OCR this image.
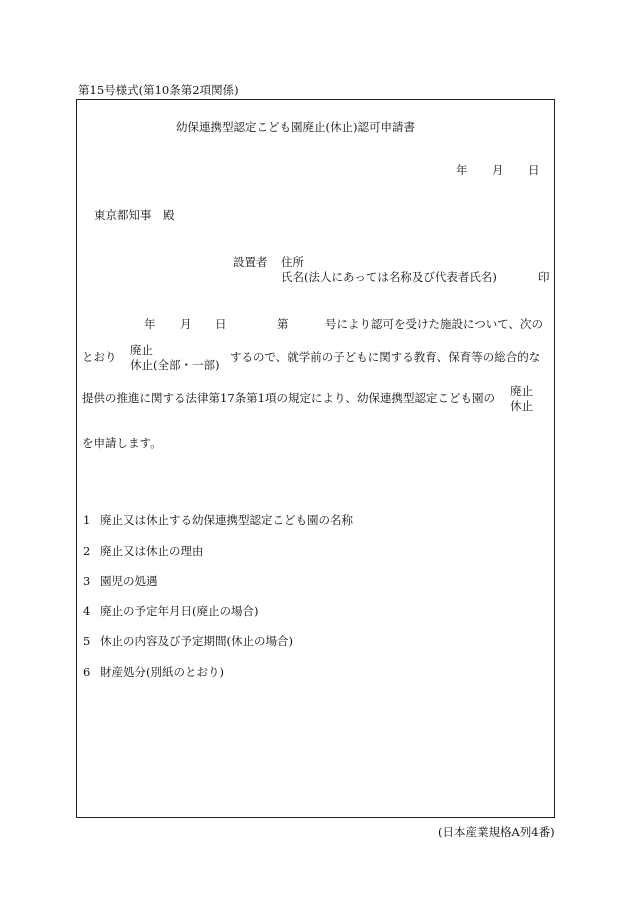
第15号様式(第10条第2項関係)
幼保連携型認定こども園廃止(休止)認可申請書
年 月 日
東京都知事　殿
設置者 住所
氏名(法人にあっては名称及び代表者氏名)	印
年 月 日	第	号により認可を受けた施設について、次の
とおり 廃止
休止(全部・一部)
するので、就学前の子どもに関する教育、保育等の総合的な
提供の推進に関する法律第17条第1項の規定により、幼保連携型認定こども園の 廃止
休止
を申請します。
1 廃止又は休止する幼保連携型認定こども園の名称
2 廃止又は休止の理由
3 園児の処遇
4 廃止の予定年月日(廃止の場合)
5 休止の内容及び予定期間(休止の場合)
6 財産処分(別紙のとおり)
(日本産業規格A列4番)
